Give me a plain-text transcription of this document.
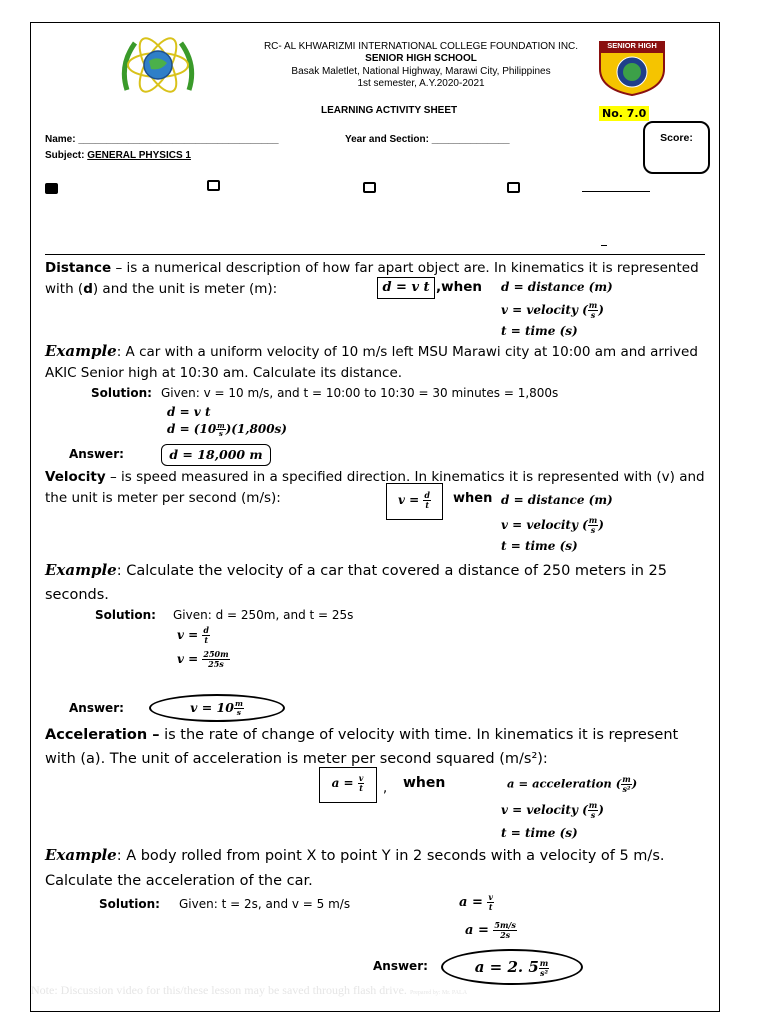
SENIOR HIGH
RC- AL KHWARIZMI INTERNATIONAL COLLEGE FOUNDATION INC.
SENIOR HIGH SCHOOL
Basak Maletlet, National Highway, Marawi City, Philippines
1st semester, A.Y.2020-2021
LEARNING ACTIVITY SHEET	No. 7.0
Name: ____________________________________	Year and Section: ______________
Subject: GENERAL PHYSICS 1
Score:
Distance – is a numerical description of how far apart object are. In kinematics it is represented with (d) and the unit is meter (m):	d = v t ,when d = distance (m)
v = velocity ( $\frac{m}{s}$ )
t = time (s)
Example: A car with a uniform velocity of 10 m/s left MSU Marawi city at 10:00 am and arrived AKIC Senior high at 10:30 am. Calculate its distance.
Solution: Given: v = 10 m/s, and t = 10:00 to 10:30 = 30 minutes = 1,800s
d = v t
$d = (10 \frac{m}{s} )(1,800s)$
Answer:	d = 18,000 m
Velocity – is speed measured in a specified direction. In kinematics it is represented with (v) and the unit is meter per second (m/s):	$v = \frac{d}{t}$ when d = distance (m)
v = velocity ( $\frac{m}{s}$ )
t = time (s)
Example: Calculate the velocity of a car that covered a distance of 250 meters in 25 seconds.
Solution: Given: d = 250m, and t = 25s
$v = \frac{d}{t}$
$v = \frac{250m}{25s}$
Answer:	$v = 10 \frac{m}{s}$
Acceleration – is the rate of change of velocity with time. In kinematics it is represent with (a). The unit of acceleration is meter per second squared (m/s²):
$a = \frac{v}{t}$ , when	a = acceleration ( $\frac{m}{\text{s²}}$ )
v = velocity ( $\frac{m}{s}$ )
t = time (s)
Example: A body rolled from point X to point Y in 2 seconds with a velocity of 5 m/s. Calculate the acceleration of the car.
Solution: Given: t = 2s, and v = 5 m/s	$a = \frac{v}{t}$
$a = \frac{5m/s}{2s}$
Answer:	a = 2. $5 \frac{m}{\text{s²}}$
Note: Discussion video for this/these lesson may be saved through flash drive. Prepared by: Mr. PALA
